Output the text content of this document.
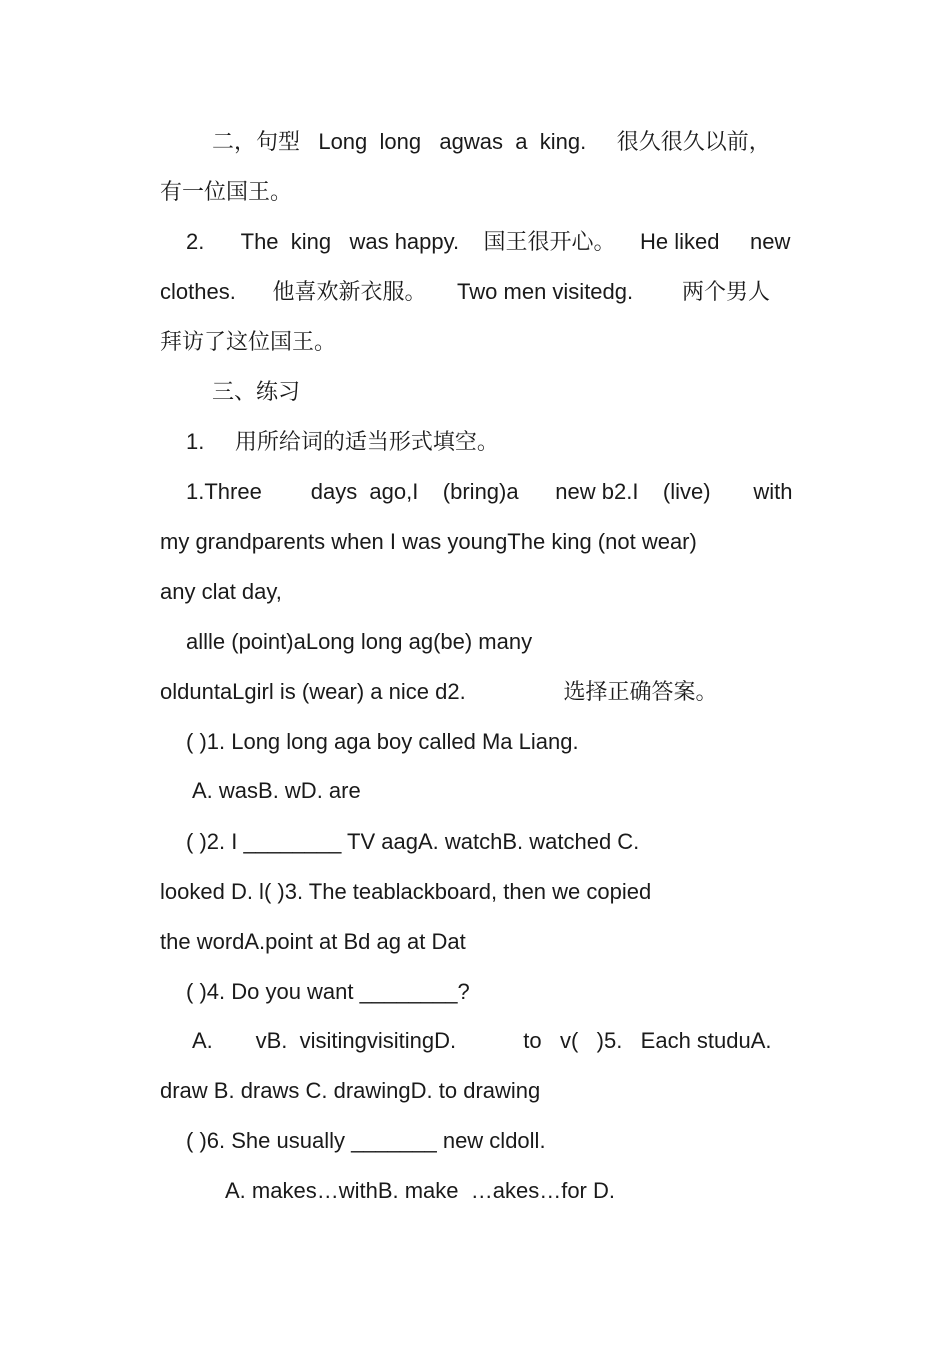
二，句型   Long  long   agwas  a  king.     很久很久以前，
有一位国王。
2.      The  king   was happy.    国王很开心。    He liked     new
clothes.      他喜欢新衣服。     Two men visitedg.        两个男人
拜访了这位国王。
三、练习
1.     用所给词的适当形式填空。
1.Three        days  ago,I    (bring)a      new b2.I    (live)       with
my grandparents when I was youngThe king (not wear)
any clat day,
allle (point)aLong long ag(be) many
olduntaLgirl is (wear) a nice d2.                选择正确答案。
( )1. Long long aga boy called Ma Liang.
A. wasB. wD. are
( )2. I ________ TV aagA. watchB. watched C.
looked D. l( )3. The teablackboard, then we copied
the wordA.point at Bd ag at Dat
( )4. Do you want ________?
A.       vB.  visitingvisitingD.           to   v(   )5.   Each studuA.
draw B. draws C. drawingD. to drawing
( )6. She usually _______ new cldoll.
A. makes…withB. make  …akes…for D.
